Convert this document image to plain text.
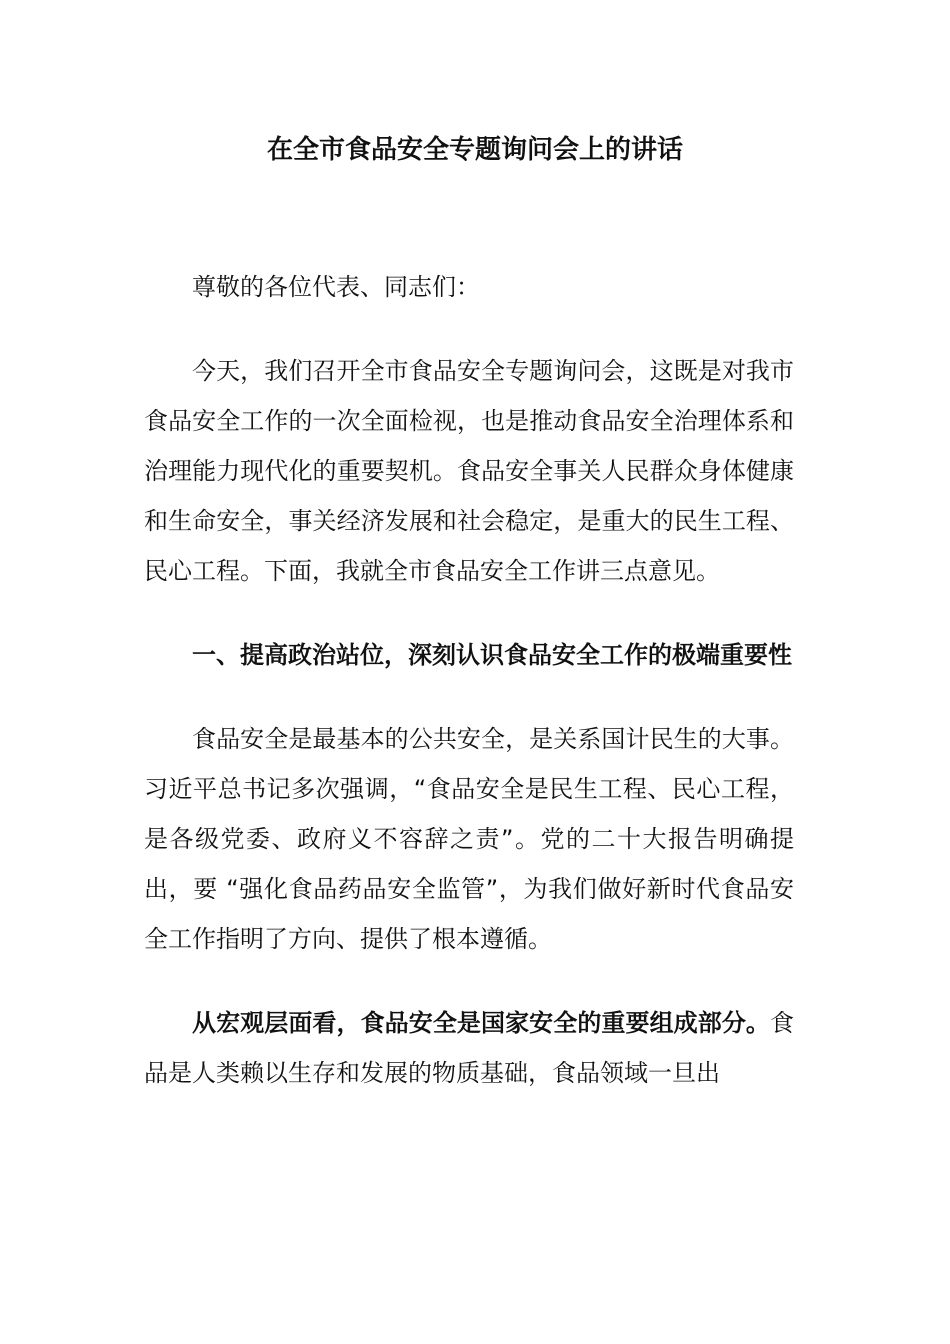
在全市食品安全专题询问会上的讲话

尊敬的各位代表、同志们：

今天，我们召开全市食品安全专题询问会，这既是对我市食品安全工作的一次全面检视，也是推动食品安全治理体系和治理能力现代化的重要契机。食品安全事关人民群众身体健康和生命安全，事关经济发展和社会稳定，是重大的民生工程、民心工程。下面，我就全市食品安全工作讲三点意见。

一、提高政治站位，深刻认识食品安全工作的极端重要性

食品安全是最基本的公共安全，是关系国计民生的大事。习近平总书记多次强调，“食品安全是民生工程、民心工程，是各级党委、政府义不容辞之责”。党的二十大报告明确提出，要 “强化食品药品安全监管”，为我们做好新时代食品安全工作指明了方向、提供了根本遵循。

从宏观层面看，食品安全是国家安全的重要组成部分。食品是人类赖以生存和发展的物质基础，食品领域一旦出
